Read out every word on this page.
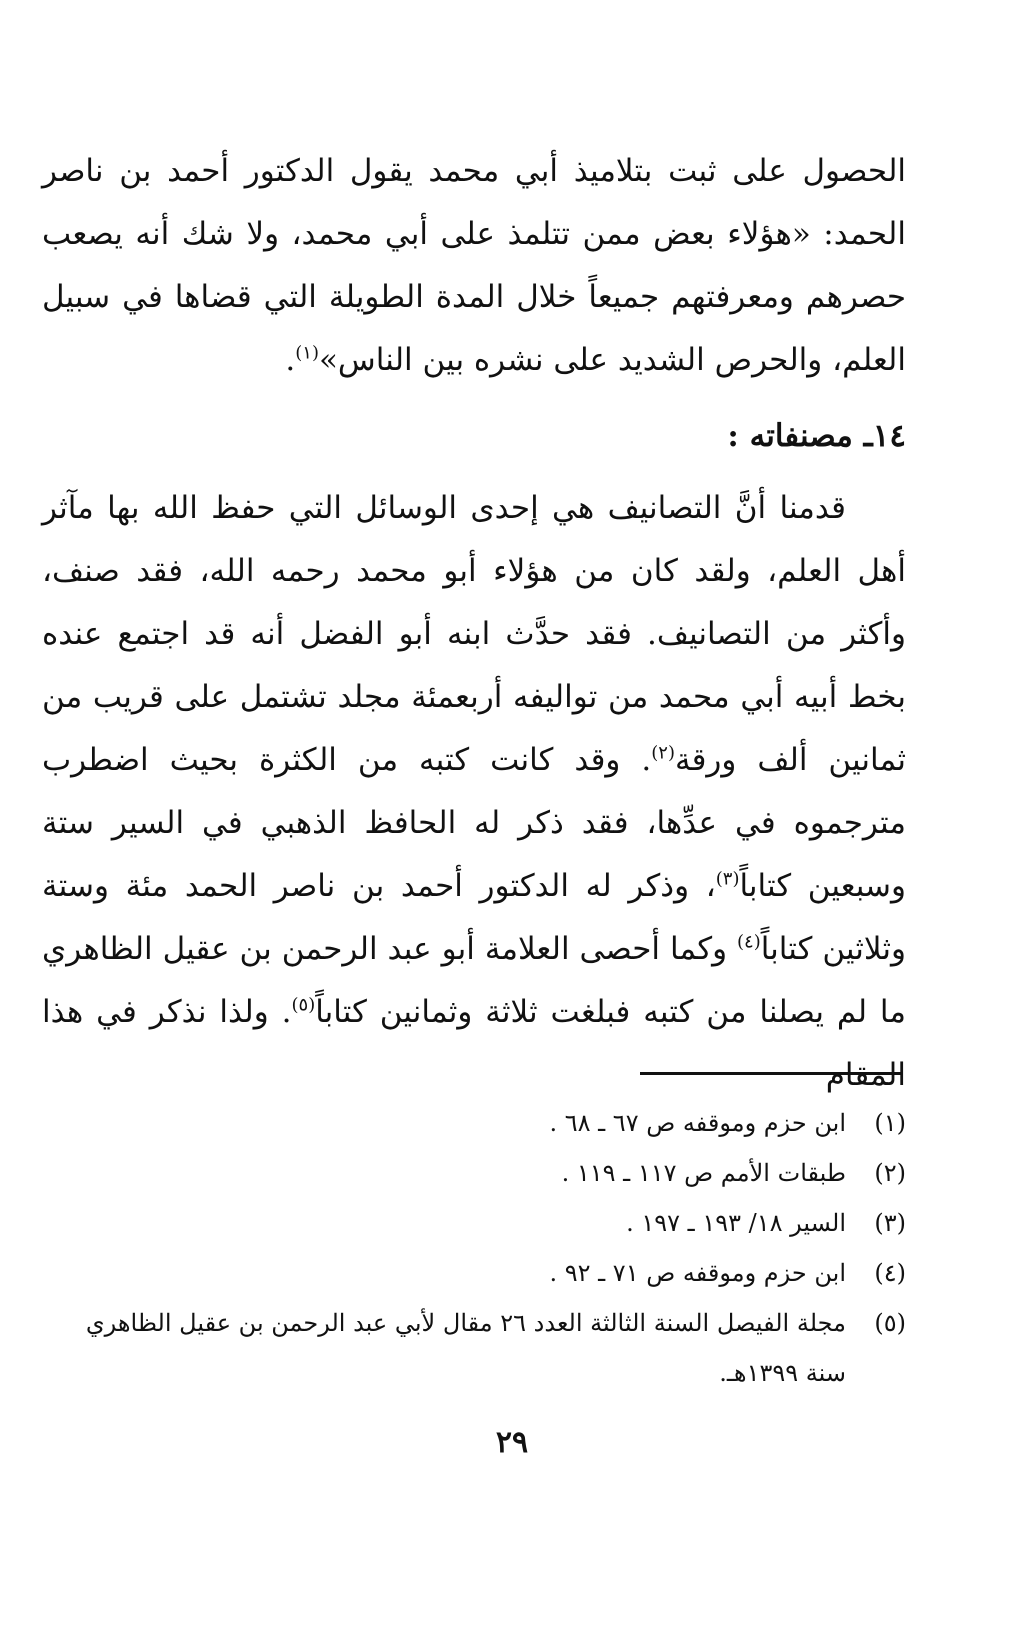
الحصول على ثبت بتلاميذ أبي محمد يقول الدكتور أحمد بن ناصر الحمد: «هؤلاء بعض ممن تتلمذ على أبي محمد، ولا شك أنه يصعب حصرهم ومعرفتهم جميعاً خلال المدة الطويلة التي قضاها في سبيل العلم، والحرص الشديد على نشره بين الناس»$^{(١)}$.
١٤ـ مصنفاته :
قدمنا أنَّ التصانيف هي إحدى الوسائل التي حفظ الله بها مآثر أهل العلم، ولقد كان من هؤلاء أبو محمد رحمه الله، فقد صنف، وأكثر من التصانيف. فقد حدَّث ابنه أبو الفضل أنه قد اجتمع عنده بخط أبيه أبي محمد من تواليفه أربعمئة مجلد تشتمل على قريب من ثمانين ألف ورقة$^{(٢)}$. وقد كانت كتبه من الكثرة بحيث اضطرب مترجموه في عدِّها، فقد ذكر له الحافظ الذهبي في السير ستة وسبعين كتاباً$^{(٣)}$، وذكر له الدكتور أحمد بن ناصر الحمد مئة وستة وثلاثين كتاباً$^{(٤)}$ وكما أحصى العلامة أبو عبد الرحمن بن عقيل الظاهري ما لم يصلنا من كتبه فبلغت ثلاثة وثمانين كتاباً$^{(٥)}$. ولذا نذكر في هذا المقام
(١)
ابن حزم وموقفه ص ٦٧ ـ ٦٨ .
(٢)
طبقات الأمم ص ١١٧ ـ ١١٩ .
(٣)
السير ١٨/ ١٩٣ ـ ١٩٧ .
(٤)
ابن حزم وموقفه ص ٧١ ـ ٩٢ .
(٥)
مجلة الفيصل السنة الثالثة العدد ٢٦ مقال لأبي عبد الرحمن بن عقيل الظاهري سنة ١٣٩٩هـ.
٢٩
